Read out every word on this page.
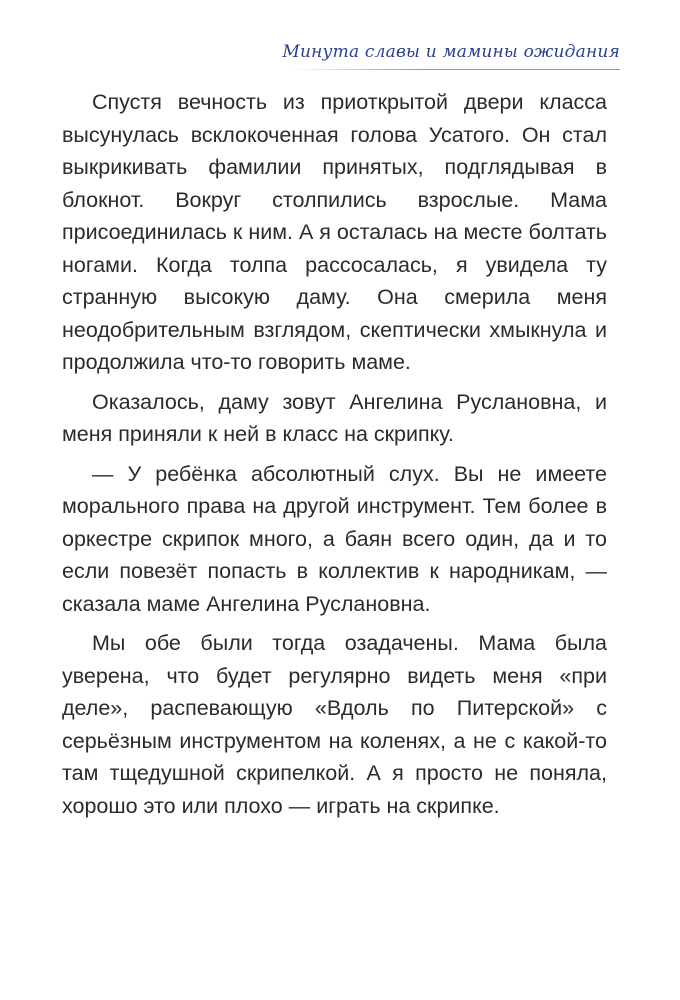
Минута славы и мамины ожидания

Спустя вечность из приоткрытой двери класса высунулась всклокоченная голова Усатого. Он стал выкрикивать фамилии принятых, подглядывая в блокнот. Вокруг столпились взрослые. Мама присоединилась к ним. А я осталась на месте болтать ногами. Когда толпа рассосалась, я увидела ту странную высокую даму. Она смерила меня неодобрительным взглядом, скептически хмыкнула и продолжила что-то говорить маме.

Оказалось, даму зовут Ангелина Руслановна, и меня приняли к ней в класс на скрипку.

— У ребёнка абсолютный слух. Вы не имеете морального права на другой инструмент. Тем более в оркестре скрипок много, а баян всего один, да и то если повезёт попасть в коллектив к народникам, — сказала маме Ангелина Руслановна.

Мы обе были тогда озадачены. Мама была уверена, что будет регулярно видеть меня «при деле», распевающую «Вдоль по Питерской» с серьёзным инструментом на коленях, а не с какой-то там тщедушной скрипелкой. А я просто не поняла, хорошо это или плохо — играть на скрипке.
